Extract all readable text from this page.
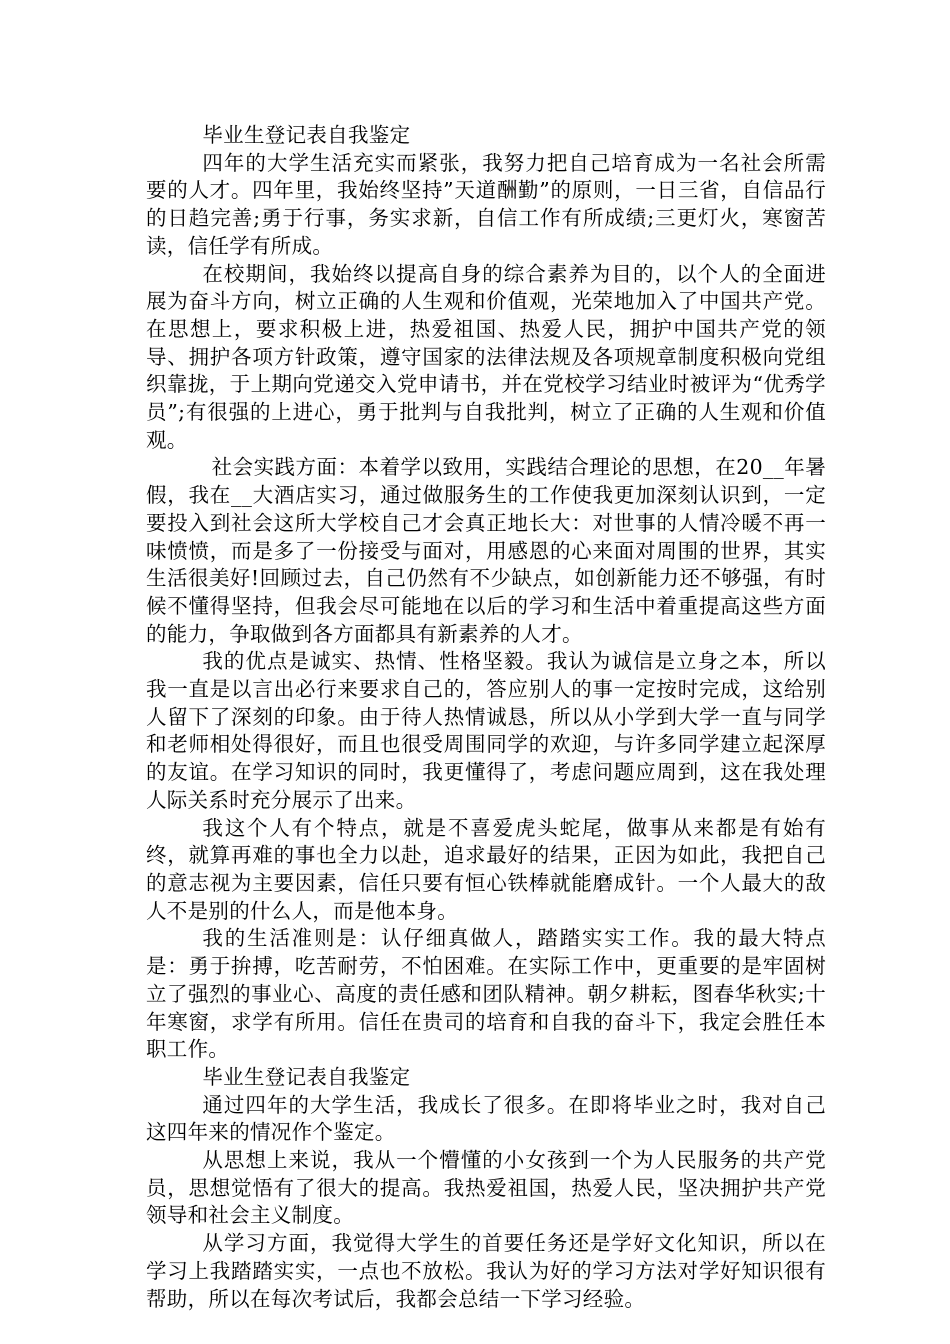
毕业生登记表自我鉴定

四年的大学生活充实而紧张，我努力把自己培育成为一名社会所需要的人才。四年里，我始终坚持”天道酬勤”的原则，一日三省，自信品行的日趋完善;勇于行事，务实求新，自信工作有所成绩;三更灯火，寒窗苦读，信任学有所成。

在校期间，我始终以提高自身的综合素养为目的，以个人的全面进展为奋斗方向，树立正确的人生观和价值观，光荣地加入了中国共产党。在思想上，要求积极上进，热爱祖国、热爱人民，拥护中国共产党的领导、拥护各项方针政策，遵守国家的法律法规及各项规章制度积极向党组织靠拢，于上期向党递交入党申请书，并在党校学习结业时被评为“优秀学员”;有很强的上进心，勇于批判与自我批判，树立了正确的人生观和价值观。

社会实践方面：本着学以致用，实践结合理论的思想，在20__年暑假，我在__大酒店实习，通过做服务生的工作使我更加深刻认识到，一定要投入到社会这所大学校自己才会真正地长大：对世事的人情冷暖不再一味愤愤，而是多了一份接受与面对，用感恩的心来面对周围的世界，其实生活很美好!回顾过去，自己仍然有不少缺点，如创新能力还不够强，有时候不懂得坚持，但我会尽可能地在以后的学习和生活中着重提高这些方面的能力，争取做到各方面都具有新素养的人才。

我的优点是诚实、热情、性格坚毅。我认为诚信是立身之本，所以我一直是以言出必行来要求自己的，答应别人的事一定按时完成，这给别人留下了深刻的印象。由于待人热情诚恳，所以从小学到大学一直与同学和老师相处得很好，而且也很受周围同学的欢迎，与许多同学建立起深厚的友谊。在学习知识的同时，我更懂得了，考虑问题应周到，这在我处理人际关系时充分展示了出来。

我这个人有个特点，就是不喜爱虎头蛇尾，做事从来都是有始有终，就算再难的事也全力以赴，追求最好的结果，正因为如此，我把自己的意志视为主要因素，信任只要有恒心铁棒就能磨成针。一个人最大的敌人不是别的什么人，而是他本身。

我的生活准则是：认仔细真做人，踏踏实实工作。我的最大特点是：勇于拚搏，吃苦耐劳，不怕困难。在实际工作中，更重要的是牢固树立了强烈的事业心、高度的责任感和团队精神。朝夕耕耘，图春华秋实;十年寒窗，求学有所用。信任在贵司的培育和自我的奋斗下，我定会胜任本职工作。

毕业生登记表自我鉴定

通过四年的大学生活，我成长了很多。在即将毕业之时，我对自己这四年来的情况作个鉴定。

从思想上来说，我从一个懵懂的小女孩到一个为人民服务的共产党员，思想觉悟有了很大的提高。我热爱祖国，热爱人民，坚决拥护共产党领导和社会主义制度。

从学习方面，我觉得大学生的首要任务还是学好文化知识，所以在学习上我踏踏实实，一点也不放松。我认为好的学习方法对学好知识很有帮助，所以在每次考试后，我都会总结一下学习经验。
